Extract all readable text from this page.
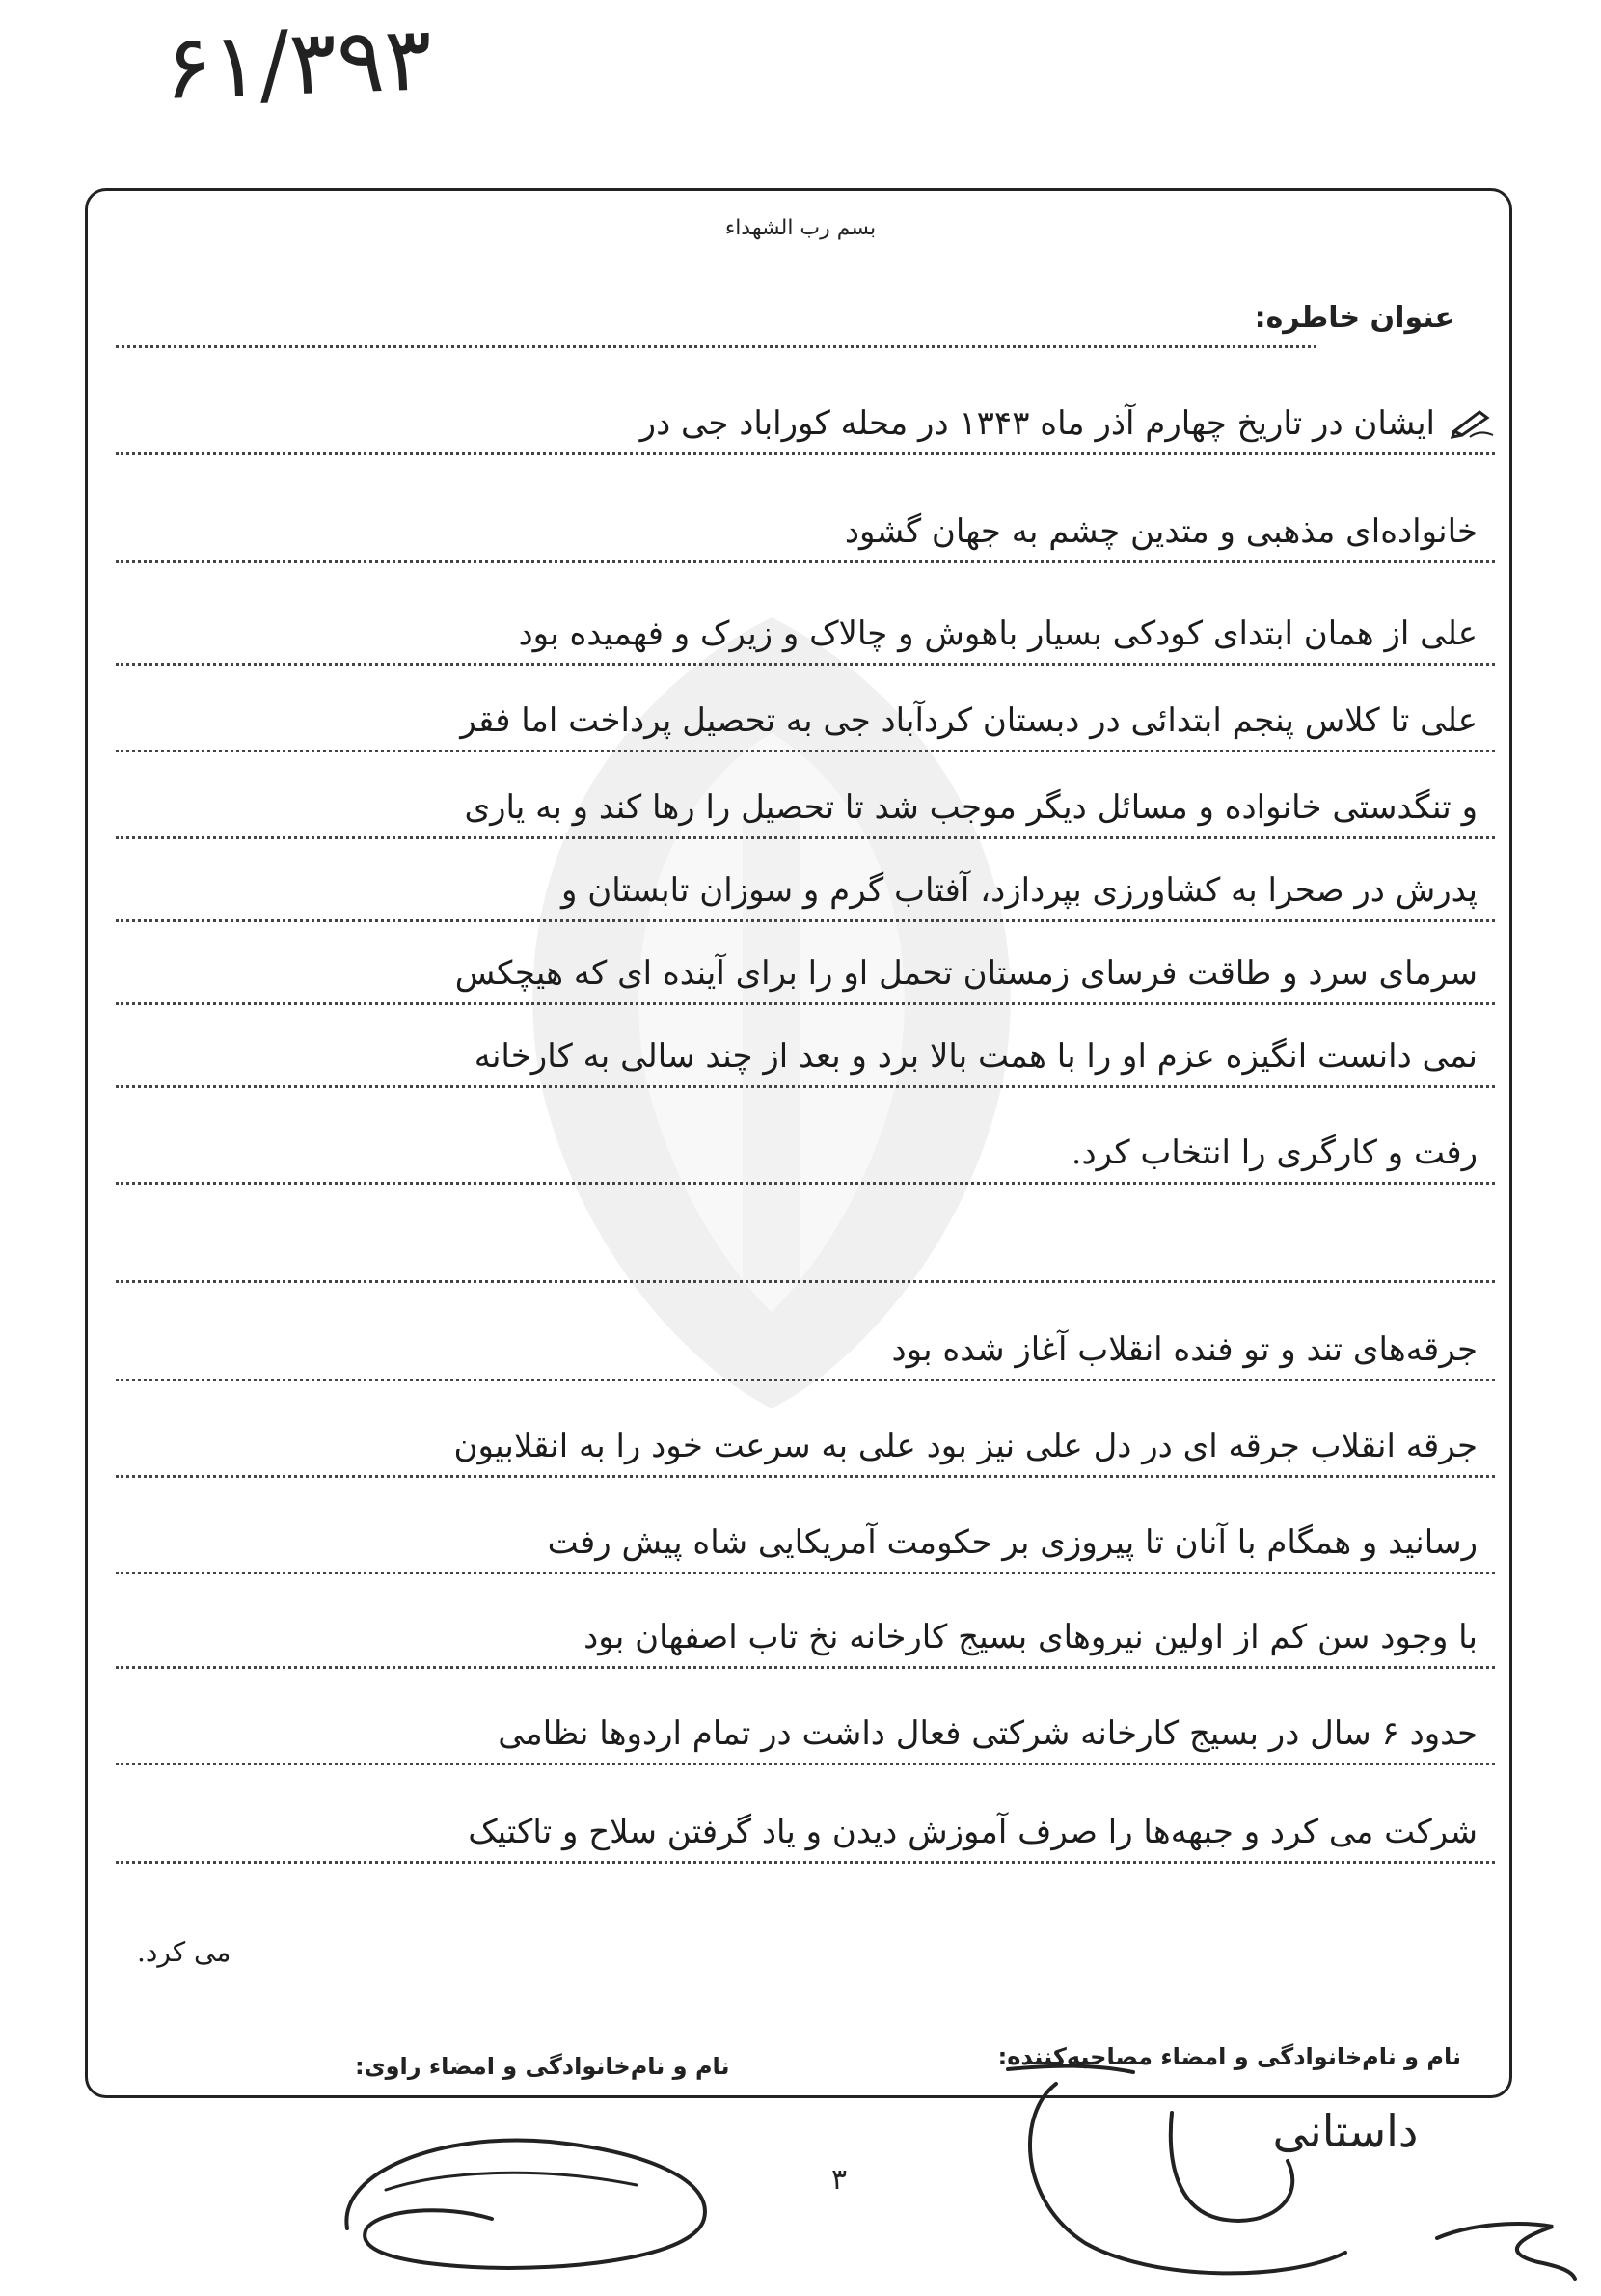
۶۱/۳۹۳
بسم رب الشهداء
عنوان خاطره:
ایشان در تاریخ چهارم آذر ماه ۱۳۴۳ در محله کوراباد جی در
خانواده‌ای مذهبی و متدین چشم به جهان گشود
علی از همان ابتدای کودکی بسیار باهوش و چالاک و زیرک و فهمیده بود
علی تا کلاس پنجم ابتدائی در دبستان کردآباد جی به تحصیل پرداخت اما فقر
و تنگدستی خانواده و مسائل دیگر موجب شد تا تحصیل را رها کند و به یاری
پدرش در صحرا به کشاورزی بپردازد، آفتاب گرم و سوزان تابستان و
سرمای سرد و طاقت فرسای زمستان تحمل او را برای آینده ای که هیچکس
نمی دانست انگیزه عزم او را با همت بالا برد و بعد از چند سالی به کارخانه
رفت و کارگری را انتخاب کرد.
جرقه‌های تند و تو فنده انقلاب آغاز شده بود
جرقه انقلاب جرقه ای در دل علی نیز بود علی به سرعت خود را به انقلابیون
رسانید و همگام با آنان تا پیروزی بر حکومت آمریکایی شاه پیش رفت
با وجود سن کم از اولین نیروهای بسیج کارخانه نخ تاب اصفهان بود
حدود ۶ سال در بسیج کارخانه شرکتی فعال داشت در تمام اردوها نظامی
شرکت می کرد و جبهه‌ها را صرف آموزش دیدن و یاد گرفتن سلاح و تاکتیک
می کرد.
نام و نام‌خانوادگی و امضاء راوی:	نام و نام‌خانوادگی و امضاء مصاحبه‌کننده:
داستانی
۳
